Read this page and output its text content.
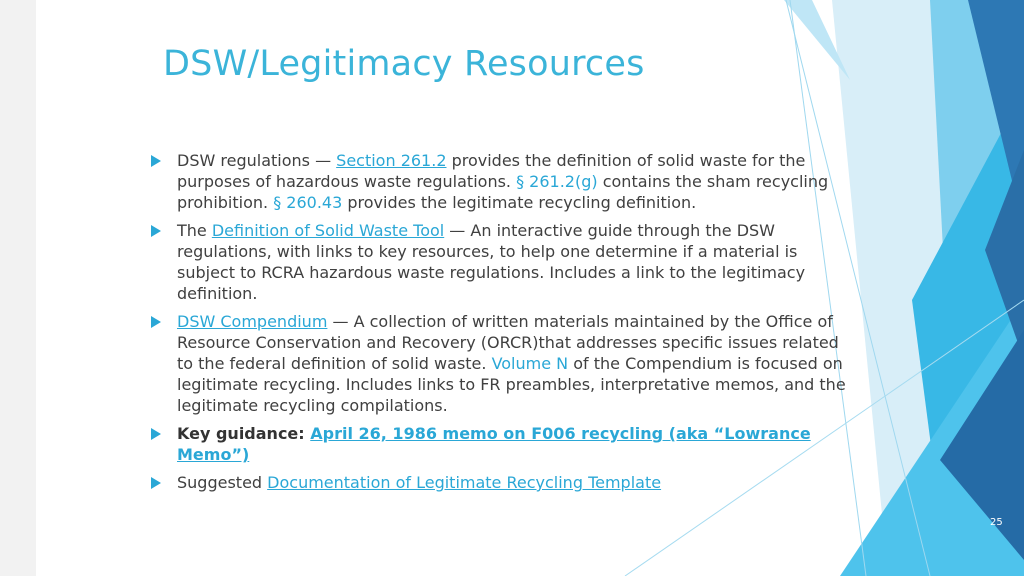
DSW/Legitimacy Resources
DSW regulations — Section 261.2 provides the definition of solid waste for the purposes of hazardous waste regulations. § 261.2(g) contains the sham recycling prohibition. § 260.43 provides the legitimate recycling definition.
The Definition of Solid Waste Tool — An interactive guide through the DSW regulations, with links to key resources, to help one determine if a material is subject to RCRA hazardous waste regulations. Includes a link to the legitimacy definition.
DSW Compendium — A collection of written materials maintained by the Office of Resource Conservation and Recovery (ORCR)that addresses specific issues related to the federal definition of solid waste. Volume N of the Compendium is focused on legitimate recycling. Includes links to FR preambles, interpretative memos, and the legitimate recycling compilations.
Key guidance: April 26, 1986 memo on F006 recycling (aka “Lowrance Memo”)
Suggested Documentation of Legitimate Recycling Template
25
